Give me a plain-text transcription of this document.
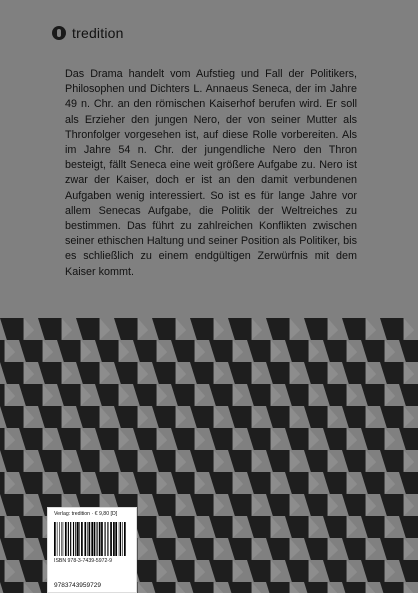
tredition
Das Drama handelt vom Aufstieg und Fall der Politikers, Philosophen und Dichters L. Annaeus Seneca, der im Jahre 49 n. Chr. an den römischen Kaiserhof berufen wird. Er soll als Erzieher den jungen Nero, der von seiner Mutter als Thronfolger vorgesehen ist, auf diese Rolle vorbereiten. Als im Jahre 54 n. Chr. der jungendliche Nero den Thron besteigt, fällt Seneca eine weit größere Aufgabe zu. Nero ist zwar der Kaiser, doch er ist an den damit verbundenen Aufgaben wenig interessiert. So ist es für lange Jahre vor allem Senecas Aufgabe, die Politik der Weltreiches zu bestimmen. Das führt zu zahlreichen Konflikten zwischen seiner ethischen Haltung und seiner Position als Politiker, bis es schließlich zu einem endgültigen Zerwürfnis mit dem Kaiser kommt.
Verlag: tredition · € 9,80 [D]
ISBN 978-3-7439-5972-9
9783743959729
